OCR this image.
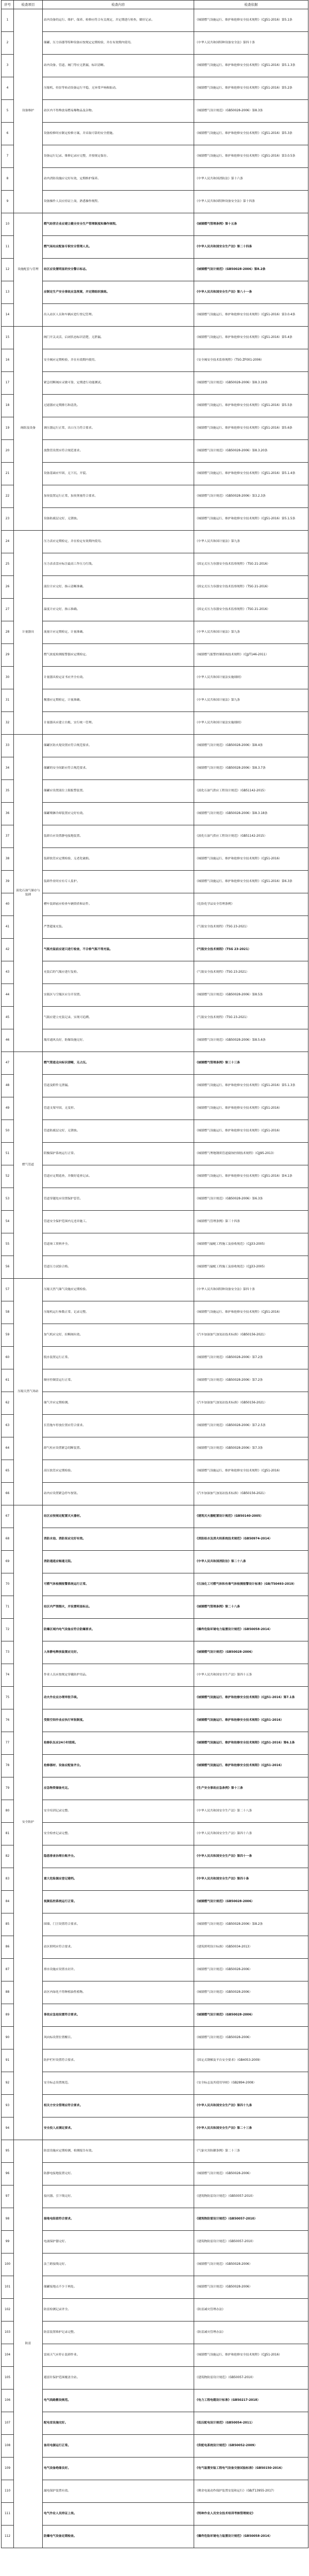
序号	检查项目	检查内容	检查依据
1	设备维护	站内设备的运行、维护、保养、检修应符合有关规定，并定期进行检查，做好记录。	《城镇燃气设施运行、维护和抢修安全技术规程》（CJJ51-2016）第5.1条
2		储罐、压力容器等特种设备应按规定定期检验，并在有效期内使用。	《中华人民共和国特种设备安全法》第四十条
3		站内设备、管道、阀门等应无泄漏，标识清晰。	《城镇燃气设施运行、维护和抢修安全技术规程》（CJJ51-2016）第5.1.3条
4		压缩机、烃泵等转动设备运行平稳，无异常声响和振动。	《城镇燃气设施运行、维护和抢修安全技术规程》（CJJ51-2016）第5.2条
5		站区内不得堆放易燃易爆物品及杂物。	《城镇燃气设计规范》（GB50028-2006）第8.3条
6		设备检修时应制定检修方案，并采取可靠的安全措施。	《城镇燃气设施运行、维护和抢修安全技术规程》（CJJ51-2016）第5.3条
7		设备运行记录、维修记录应完整，并按规定保存。	《城镇燃气设施运行、维护和抢修安全技术规程》（CJJ51-2016）第3.0.5条
8		站内消防设施应完好有效，定期维护保养。	《中华人民共和国消防法》第十六条
9		设备操作人员应持证上岗，熟悉操作规程。	《中华人民共和国特种设备安全法》第十四条
10	设施配套与管理	燃气经营企业应建立健全安全生产管理制度和操作规程。	《城镇燃气管理条例》第十五条
11		燃气场站应配备专职安全管理人员。	《中华人民共和国安全生产法》第二十四条
12		站区应设置明显的安全警示标志。	《城镇燃气设计规范》（GB50028-2006）第8.2条
13		应制定生产安全事故应急预案，并定期组织演练。	《中华人民共和国安全生产法》第八十一条
14		出入站区人员和车辆应进行登记管理。	《城镇燃气设施运行、维护和抢修安全技术规程》（CJJ51-2016）第3.0.4条
15	阀组及设备	阀门开关灵活，启闭状态标识清楚，无泄漏。	《城镇燃气设施运行、维护和抢修安全技术规程》（CJJ51-2016）第5.4条
16		安全阀应定期校验，并在有效期内使用。	《安全阀安全技术监察规程》（TSG ZF001-2006）
17		紧急切断阀应灵敏可靠，定期进行功能测试。	《城镇燃气设计规范》（GB50028-2006）第8.3.19条
18		过滤器应定期排污和清洗。	《城镇燃气设施运行、维护和抢修安全技术规程》（CJJ51-2016）第5.5条
19		调压器运行正常，出口压力符合要求。	《城镇燃气设施运行、维护和抢修安全技术规程》（CJJ51-2016）第5.6条
20		放散管设置应符合规范要求。	《城镇燃气设计规范》（GB50028-2006）第8.3.20条
21		设备基础应牢固，无下沉、开裂。	《城镇燃气设施运行、维护和抢修安全技术规程》（CJJ51-2016）第5.1.4条
22		加臭装置运行正常，加臭剂量符合要求。	《城镇燃气设计规范》（GB50028-2006）第3.2.3条
23		设备防腐层完好，无锈蚀。	《城镇燃气设施运行、维护和抢修安全技术规程》（CJJ51-2016）第5.1.5条
24	计量器具	压力表应定期检定，并在检定有效期内使用。	《中华人民共和国计量法》第九条
25		压力表表盘应标注最高工作压力红线。	《固定式压力容器安全技术监察规程》（TSG 21-2016）
26		液位计应完好，指示清晰准确。	《固定式压力容器安全技术监察规程》（TSG 21-2016）
27		温度计应完好，指示准确。	《固定式压力容器安全技术监察规程》（TSG 21-2016）
28		流量计应定期检定，计量准确。	《中华人民共和国计量法》第九条
29		燃气浓度检测报警器应定期检定。	《城镇燃气报警控制系统技术规程》（CJJ/T146-2011）
30		计量器具检定证书应齐全有效。	《中华人民共和国计量法实施细则》
31		衡器应定期检定，计量准确。	《中华人民共和国计量法》第九条
32		计量器具应建立台账，实行统一管理。	《中华人民共和国计量法实施细则》
33	液化石油气储存与装卸	储罐区防火堤设置应符合规范要求。	《城镇燃气设计规范》（GB50028-2006）第8.4条
34		储罐的安全间距应符合规范要求。	《城镇燃气设计规范》（GB50028-2006）第8.3.7条
35		储罐应设置液位上限报警装置。	《液化石油气供应工程设计规范》（GB51142-2015）
36		储罐喷淋冷却装置应完好有效。	《城镇燃气设计规范》（GB50028-2006）第8.3.18条
37		装卸台应设置静电接地装置。	《液化石油气供应工程设计规范》（GB51142-2015）
38		装卸软管应定期检验，无老化破损。	《城镇燃气设施运行、维护和抢修安全技术规程》（CJJ51-2016）
39		装卸作业时应有专人监护。	《城镇燃气设施运行、维护和抢修安全技术规程》（CJJ51-2016）第6.3条
40		槽车装卸前应检查车辆资质和证件。	《危险化学品安全管理条例》
41		严禁超量充装。	《气瓶安全技术规程》（TSG 23-2021）
42		气瓶充装前应逐只进行检查，不合格气瓶不得充装。	《气瓶安全技术规程》（TSG 23-2021）
43		充装后的气瓶应进行复检。	《气瓶安全技术规程》（TSG 23-2021）
44		实瓶区与空瓶区应分开设置。	《城镇燃气设计规范》（GB50028-2006）第8.5条
45		气瓶应建立充装记录，实现可追溯。	《气瓶安全技术规程》（TSG 23-2021）
46		瓶库通风良好，防爆设施完好。	《城镇燃气设计规范》（GB50028-2006）第8.5.6条
47	燃气管道	燃气管道走向标识清晰，无占压。	《城镇燃气管理条例》第三十三条
48		管道及附件无泄漏。	《城镇燃气设施运行、维护和抢修安全技术规程》（CJJ51-2016）第5.1.3条
49		管道支架牢固，无变形。	《城镇燃气设施运行、维护和抢修安全技术规程》（CJJ51-2016）
50		管道防腐层完好，无锈蚀。	《城镇燃气设施运行、维护和抢修安全技术规程》（CJJ51-2016）
51		阴极保护系统运行正常。	《城镇燃气埋地钢质管道腐蚀控制技术规程》（CJJ95-2013）
52		管道应定期巡查，并做好巡查记录。	《城镇燃气设施运行、维护和抢修安全技术规程》（CJJ51-2016）第4.1条
53		管道穿越处应设置保护套管。	《城镇燃气设计规范》（GB50028-2006）第6.3条
54		管道安全保护范围内无违章施工。	《城镇燃气管理条例》第三十四条
55		管道竣工资料齐全。	《城镇燃气输配工程施工及验收规范》（CJJ33-2005）
56		管道压力试验合格。	《城镇燃气输配工程施工及验收规范》（CJJ33-2005）
57	压缩天然气场站	压缩天然气储气设施应定期检验。	《中华人民共和国特种设备安全法》第四十条
58		压缩机运行参数正常，记录完整。	《城镇燃气设施运行、维护和抢修安全技术规程》（CJJ51-2016）
59		加气机应完好，拉断阀有效。	《汽车加油加气加氢站技术标准》（GB50156-2021）
60		脱水装置运行正常。	《城镇燃气设计规范》（GB50028-2006）第7.2条
61		顺序控制盘运行正常。	《城镇燃气设计规范》（GB50028-2006）第7.2条
62		储气井应定期检测。	《汽车加油加气加氢站技术标准》（GB50156-2021）
63		长管拖车停放位置应符合要求。	《城镇燃气设计规范》（GB50028-2006）第7.2.5条
64		卸气柱应设置紧急切断装置。	《城镇燃气设计规范》（GB50028-2006）第7.3条
65		高压软管应定期检验。	《城镇燃气设施运行、维护和抢修安全技术规程》（CJJ51-2016）
66		站内应设置紧急停车按钮。	《汽车加油加气加氢站技术标准》（GB50156-2021）
67	安全防护	站区应按规定配置灭火器材。	《建筑灭火器配置设计规范》（GB50140-2005）
68		消防水池、消防泵应完好有效。	《消防给水及消火栓系统技术规范》（GB50974-2014）
69		消防通道应畅通无阻。	《中华人民共和国消防法》第二十八条
70		可燃气体检测报警系统运行正常。	《石油化工可燃气体和有毒气体检测报警设计标准》（GB/T50493-2019）
71		站区内严禁烟火，并设置明显标志。	《城镇燃气管理条例》第二十八条
72		防爆区域内电气设备应符合防爆要求。	《爆炸危险环境电力装置设计规范》（GB50058-2014）
73		人体静电释放装置应完好。	《城镇燃气设计规范》（GB50028-2006）
74		作业人员应按规定穿戴防护用品。	《中华人民共和国安全生产法》第四十五条
75		动火作业应办理审批手续。	《城镇燃气设施运行、维护和抢修安全技术规程》（CJJ51-2016）第7.1条
76		受限空间作业应执行审批制度。	《城镇燃气设施运行、维护和抢修安全技术规程》（CJJ51-2016）
77		抢修队伍应24小时值班。	《城镇燃气设施运行、维护和抢修安全技术规程》（CJJ51-2016）第6.1条
78		抢修器材、设备应配备齐全。	《城镇燃气设施运行、维护和抢修安全技术规程》（CJJ51-2016）
79		应急物资储备充足。	《生产安全事故应急条例》第十三条
80		安全培训记录完整。	《中华人民共和国安全生产法》第二十八条
81		安全检查记录完整。	《中华人民共和国安全生产法》第四十六条
82		隐患排查治理台账齐全。	《中华人民共和国安全生产法》第四十一条
83		重大危险源应登记建档。	《中华人民共和国安全生产法》第四十条
84		视频监控系统运行正常。	《城镇燃气设计规范》（GB50028-2006）
85		围墙、门卫设置符合要求。	《城镇燃气设计规范》（GB50028-2006）第8.2条
86		站区照明应符合要求。	《建筑照明设计标准》（GB50034-2013）
87		排水设施应设置水封井。	《城镇燃气设计规范》（GB50028-2006）
88		站区内绿化不得种植油性植物。	《城镇燃气设计规范》（GB50028-2006）
89		事故应急池设置符合要求。	《城镇燃气设计规范》（GB50028-2006）
90		风向标设置位置醒目。	《城镇燃气设计规范》（GB50028-2006）
91		防护栏杆设置符合要求。	《固定式钢梯及平台安全要求》（GB4053-2009）
92		安全标志设置规范。	《安全标志及其使用导则》（GB2894-2008）
93		相关方安全管理应符合要求。	《中华人民共和国安全生产法》第四十九条
94		安全投入应满足要求。	《中华人民共和国安全生产法》第二十三条
95	防雷	防雷设施应定期检测，检测报告有效。	《气象灾害防御条例》第二十三条
96		防静电接地装置完好。	《城镇燃气设计规范》（GB50028-2006）
97		接闪器、引下线完好。	《建筑物防雷设计规范》（GB50057-2010）
98		接地电阻值符合要求。	《建筑物防雷设计规范》（GB50057-2010）
99		电涌保护器完好。	《建筑物防雷设计规范》（GB50057-2010）
100		法兰跨接线完好。	《城镇燃气设计规范》（GB50028-2006）
101		储罐接地点不少于两处。	《城镇燃气设计规范》（GB50028-2006）
102		防雷检测记录齐全。	《防雷减灾管理办法》
103		防雷装置维护记录完整。	《防雷减灾管理办法》
104		雷雨天气应停止装卸作业。	《城镇燃气设施运行、维护和抢修安全技术规程》（CJJ51-2016）
105		避雷针保护范围覆盖全站。	《建筑物防雷设计规范》（GB50057-2010）
106		电气线路敷设规范。	《电力工程电缆设计标准》（GB50217-2018）
107		配电室设施完好。	《低压配电设计规范》（GB50054-2011）
108		备用电源运行正常。	《供配电系统设计规范》（GB50052-2009）
109		电气设备绝缘良好。	《电气装置安装工程电气设备交接试验标准》（GB50150-2016）
110		漏电保护装置有效。	《剩余电流动作保护装置安装和运行》（GB/T13955-2017）
111		电气作业人员持证上岗。	《特种作业人员安全技术培训考核管理规定》
112		防爆电气设备定期检查。	《爆炸危险环境电力装置设计规范》（GB50058-2014）
